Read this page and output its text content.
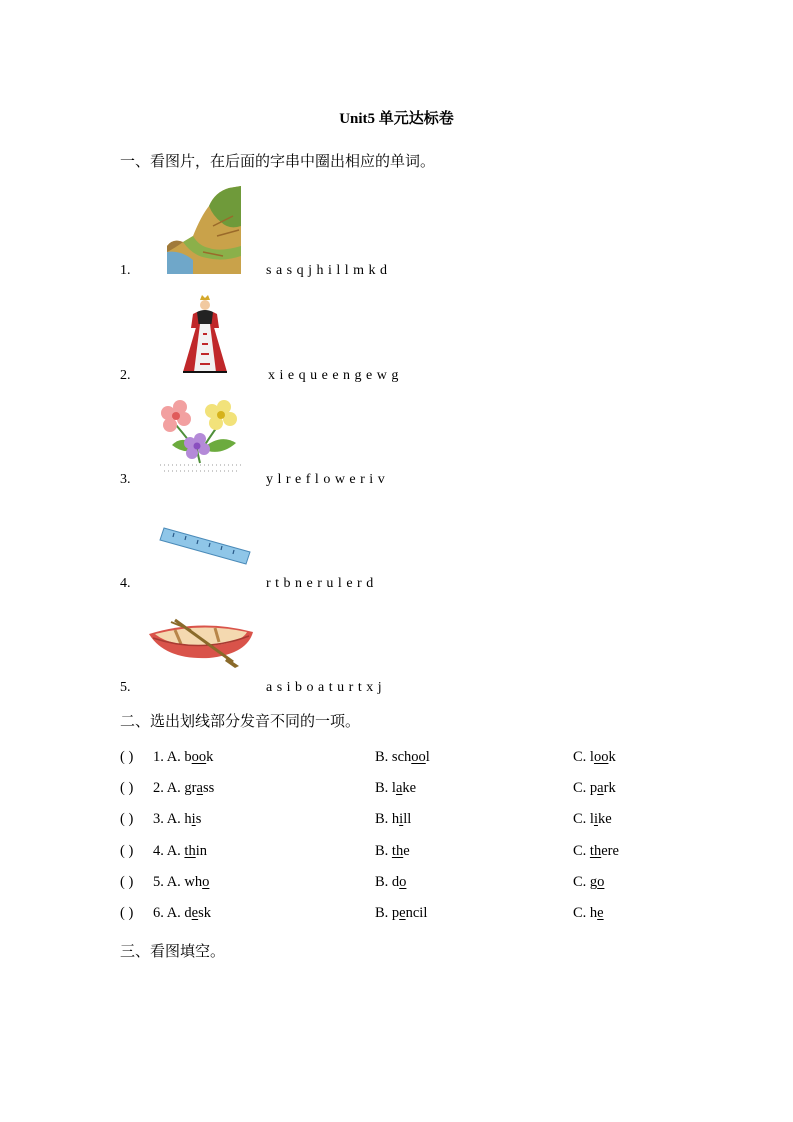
Unit5 单元达标卷
一、看图片，在后面的字串中圈出相应的单词。
1.	s a s q j h i l l m k d
2.	x i e q u e e n g e w g
3.	y l r e f l o w e r i v
4.	r t b n e r u l e r d
5.	a s i b o a t u r t x j
二、选出划线部分发音不同的一项。
( ) 1. A. book	B. school	C. look
( ) 2. A. grass	B. lake	C. park
( ) 3. A. his	B. hill	C. like
( ) 4. A. thin	B. the	C. there
( ) 5. A. who	B. do	C. go
( ) 6. A. desk	B. pencil	C. he
三、看图填空。
